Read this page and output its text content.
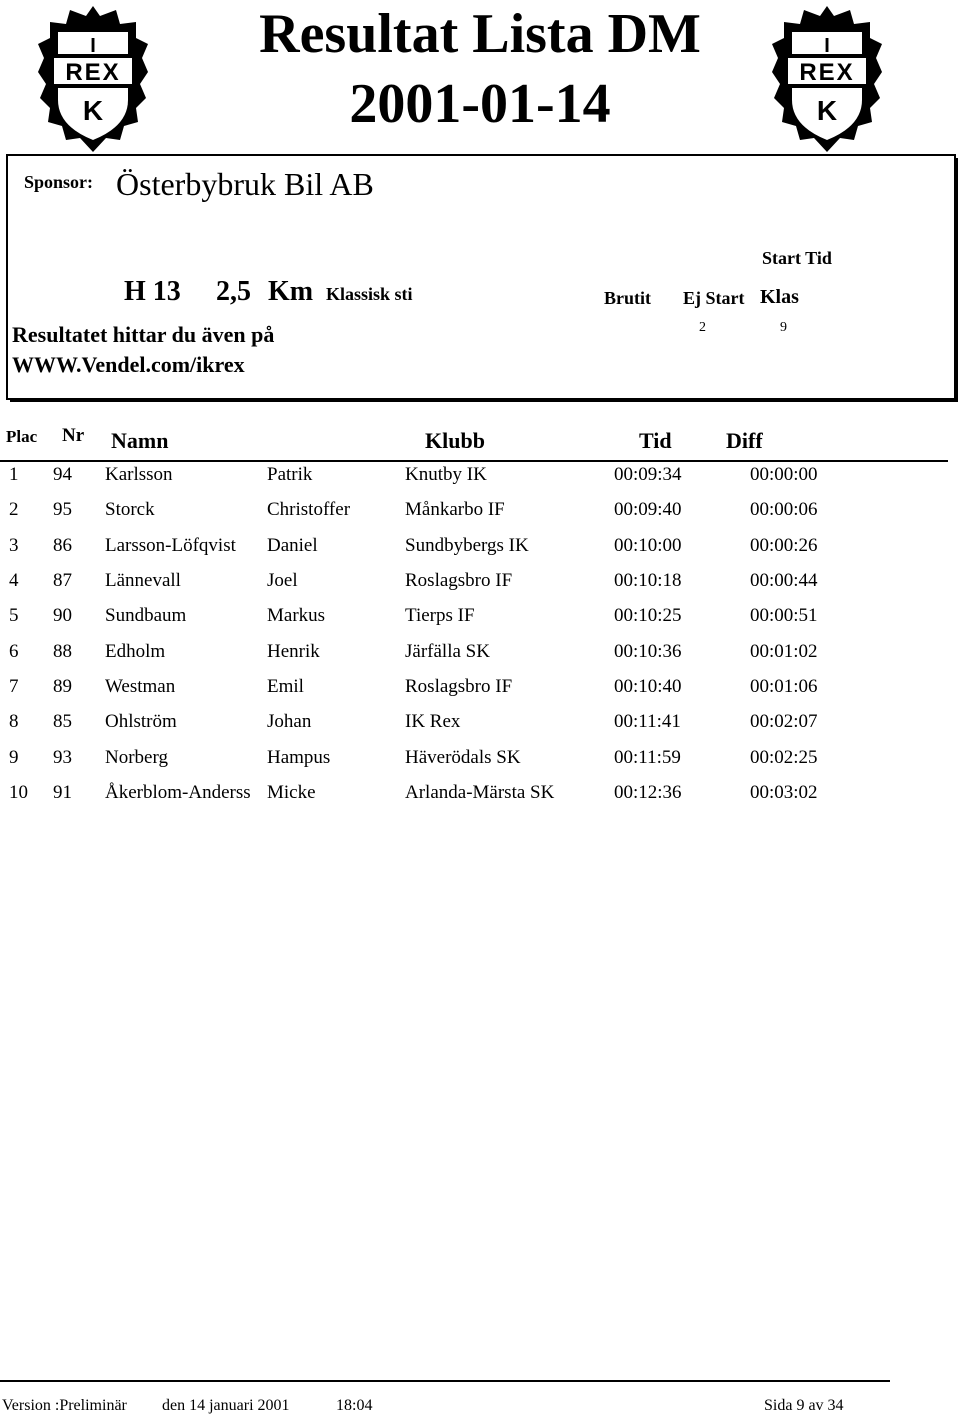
I
REX
K
I
REX
K
Resultat Lista DM
2001-01-14
Sponsor: Österbybruk Bil AB
H 13 2,5 Km Klassisk sti
Resultatet hittar du även på
WWW.Vendel.com/ikrex
Start Tid
Brutit Ej Start Klas
2	9
Plac Nr Namn	Klubb	Tid Diff
1 94 Karlsson	Patrik	Knutby IK	00:09:34	00:00:00
2 95 Storck	Christoffer	Månkarbo IF	00:09:40	00:00:06
3 86 Larsson-Löfqvist	Daniel	Sundbybergs IK	00:10:00	00:00:26
4 87 Lännevall	Joel	Roslagsbro IF	00:10:18	00:00:44
5 90 Sundbaum	Markus	Tierps IF	00:10:25	00:00:51
6 88 Edholm	Henrik	Järfälla SK	00:10:36	00:01:02
7 89 Westman	Emil	Roslagsbro IF	00:10:40	00:01:06
8 85 Ohlström	Johan	IK Rex	00:11:41	00:02:07
9 93 Norberg	Hampus	Häverödals SK	00:11:59	00:02:25
10 91 Åkerblom-Anderss Micke	Arlanda-Märsta SK	00:12:36	00:03:02
Version :Preliminär den 14 januari 2001	18:04	Sida 9 av 34
